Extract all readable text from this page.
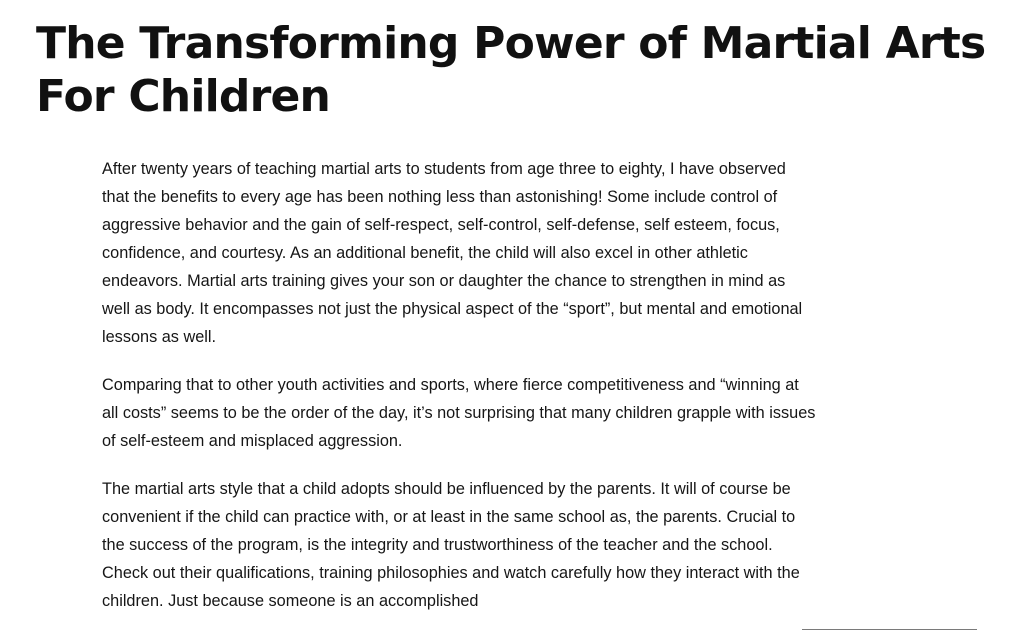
The Transforming Power of Martial Arts For Children

After twenty years of teaching martial arts to students from age three to eighty, I have observed that the benefits to every age has been nothing less than astonishing! Some include control of aggressive behavior and the gain of self-respect, self-control, self-defense, self esteem, focus, confidence, and courtesy. As an additional benefit, the child will also excel in other athletic endeavors. Martial arts training gives your son or daughter the chance to strengthen in mind as well as body. It encompasses not just the physical aspect of the “sport”, but mental and emotional lessons as well.

Comparing that to other youth activities and sports, where fierce competitiveness and “winning at all costs” seems to be the order of the day, it’s not surprising that many children grapple with issues of self-esteem and misplaced aggression.

The martial arts style that a child adopts should be influenced by the parents. It will of course be convenient if the child can practice with, or at least in the same school as, the parents. Crucial to the success of the program, is the integrity and trustworthiness of the teacher and the school. Check out their qualifications, training philosophies and watch carefully how they interact with the children. Just because someone is an accomplished
